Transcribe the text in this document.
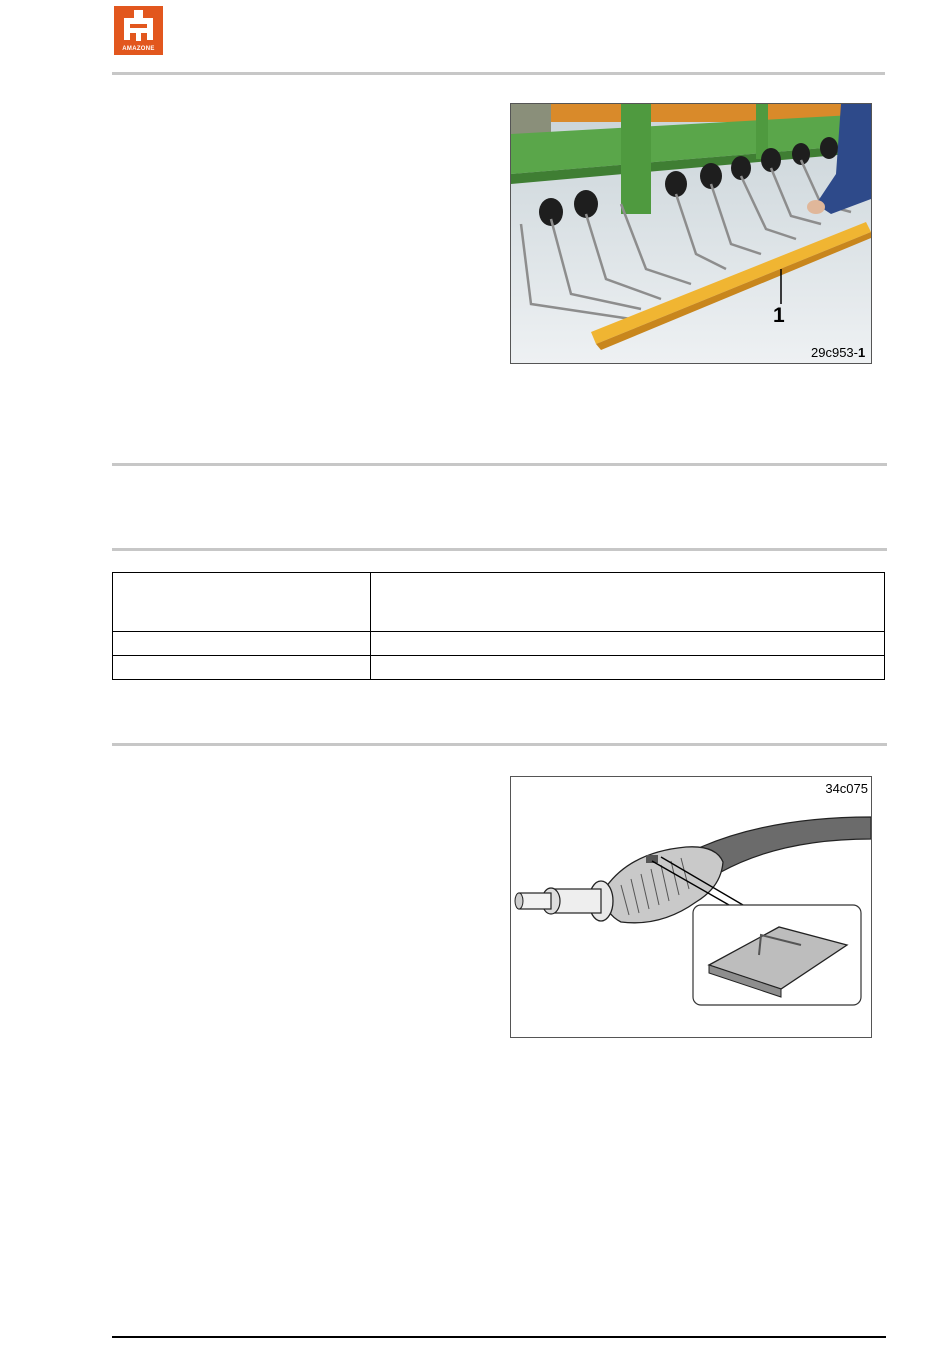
AMAZONE
1
29c953-1

34c075
